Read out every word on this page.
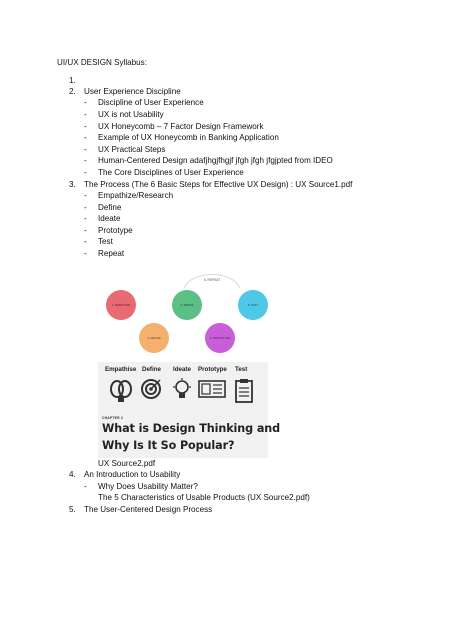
UI/UX DESIGN Syllabus:
1.
2. User Experience Discipline
- Discipline of User Experience
- UX is not Usability
- UX Honeycomb – 7 Factor Design Framework
- Example of UX Honeycomb in Banking Application
- UX Practical Steps
- Human-Centered Design adafjhgjfhgjf jfgh jfgh jfgjpted from IDEO
- The Core Disciplines of User Experience
3. The Process (The 6 Basic Steps for Effective UX Design) : UX Source1.pdf
- Empathize/Research
- Define
- Ideate
- Prototype
- Test
- Repeat
6. REPEAT
1. EMPATHIZE
2. DEFINE
3. IDEATE
4. PROTOTYPE
5. TEST
Empathise Define Ideate Prototype Test
CHAPTER 2
What is Design Thinking and
Why Is It So Popular?
UX Source2.pdf
4. An Introduction to Usability
- Why Does Usability Matter?
The 5 Characteristics of Usable Products (UX Source2.pdf)
5. The User-Centered Design Process
